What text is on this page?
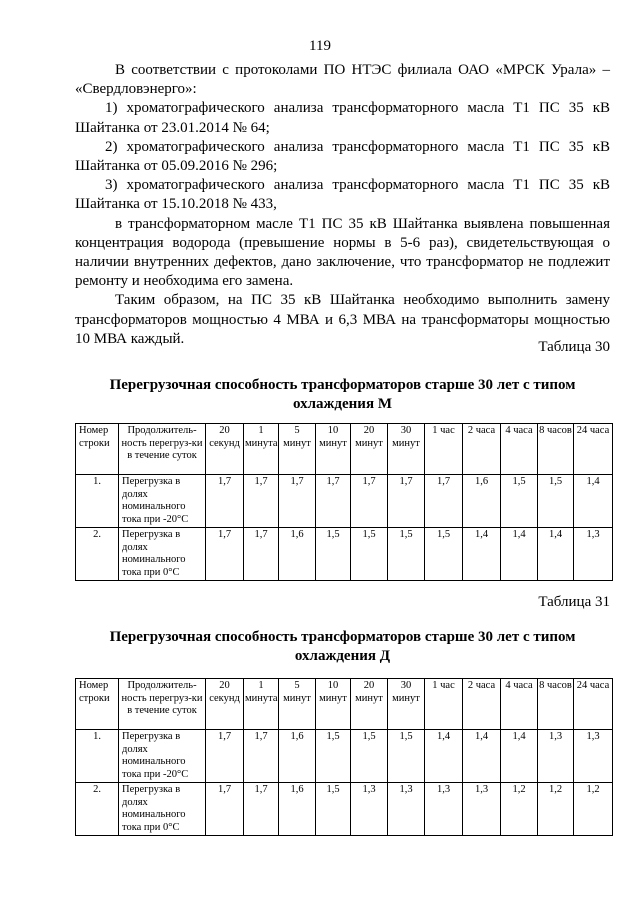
119

В соответствии с протоколами ПО НТЭС филиала ОАО «МРСК Урала» – «Свердловэнерго»:

1) хроматографического анализа трансформаторного масла Т1 ПС 35 кВ Шайтанка от 23.01.2014 № 64;

2) хроматографического анализа трансформаторного масла Т1 ПС 35 кВ Шайтанка от 05.09.2016 № 296;

3) хроматографического анализа трансформаторного масла Т1 ПС 35 кВ Шайтанка от 15.10.2018 № 433,

в трансформаторном масле Т1 ПС 35 кВ Шайтанка выявлена повышенная концентрация водорода (превышение нормы в 5-6 раз), свидетельствующая о наличии внутренних дефектов, дано заключение, что трансформатор не подлежит ремонту и необходима его замена.

Таким образом, на ПС 35 кВ Шайтанка необходимо выполнить замену трансформаторов мощностью 4 МВА и 6,3 МВА на трансформаторы мощностью 10 МВА каждый.

Таблица 30
Перегрузочная способность трансформаторов старше 30 лет с типом охлаждения М
Номер строки	Продолжитель-ность перегруз-ки в течение суток	20 секунд	1 минута	5 минут	10 минут	20 минут	30 минут	1 час	2 часа	4 часа	8 часов	24 часа
1.	Перегрузка в долях номинального тока при -20°С	1,7	1,7	1,7	1,7	1,7	1,7	1,7	1,6	1,5	1,5	1,4
2.	Перегрузка в долях номинального тока при 0°С	1,7	1,7	1,6	1,5	1,5	1,5	1,5	1,4	1,4	1,4	1,3
Таблица 31
Перегрузочная способность трансформаторов старше 30 лет с типом охлаждения Д
Номер строки	Продолжитель-ность перегруз-ки в течение суток	20 секунд	1 минута	5 минут	10 минут	20 минут	30 минут	1 час	2 часа	4 часа	8 часов	24 часа
1.	Перегрузка в долях номинального тока при -20°С	1,7	1,7	1,6	1,5	1,5	1,5	1,4	1,4	1,4	1,3	1,3
2.	Перегрузка в долях номинального тока при 0°С	1,7	1,7	1,6	1,5	1,3	1,3	1,3	1,3	1,2	1,2	1,2
